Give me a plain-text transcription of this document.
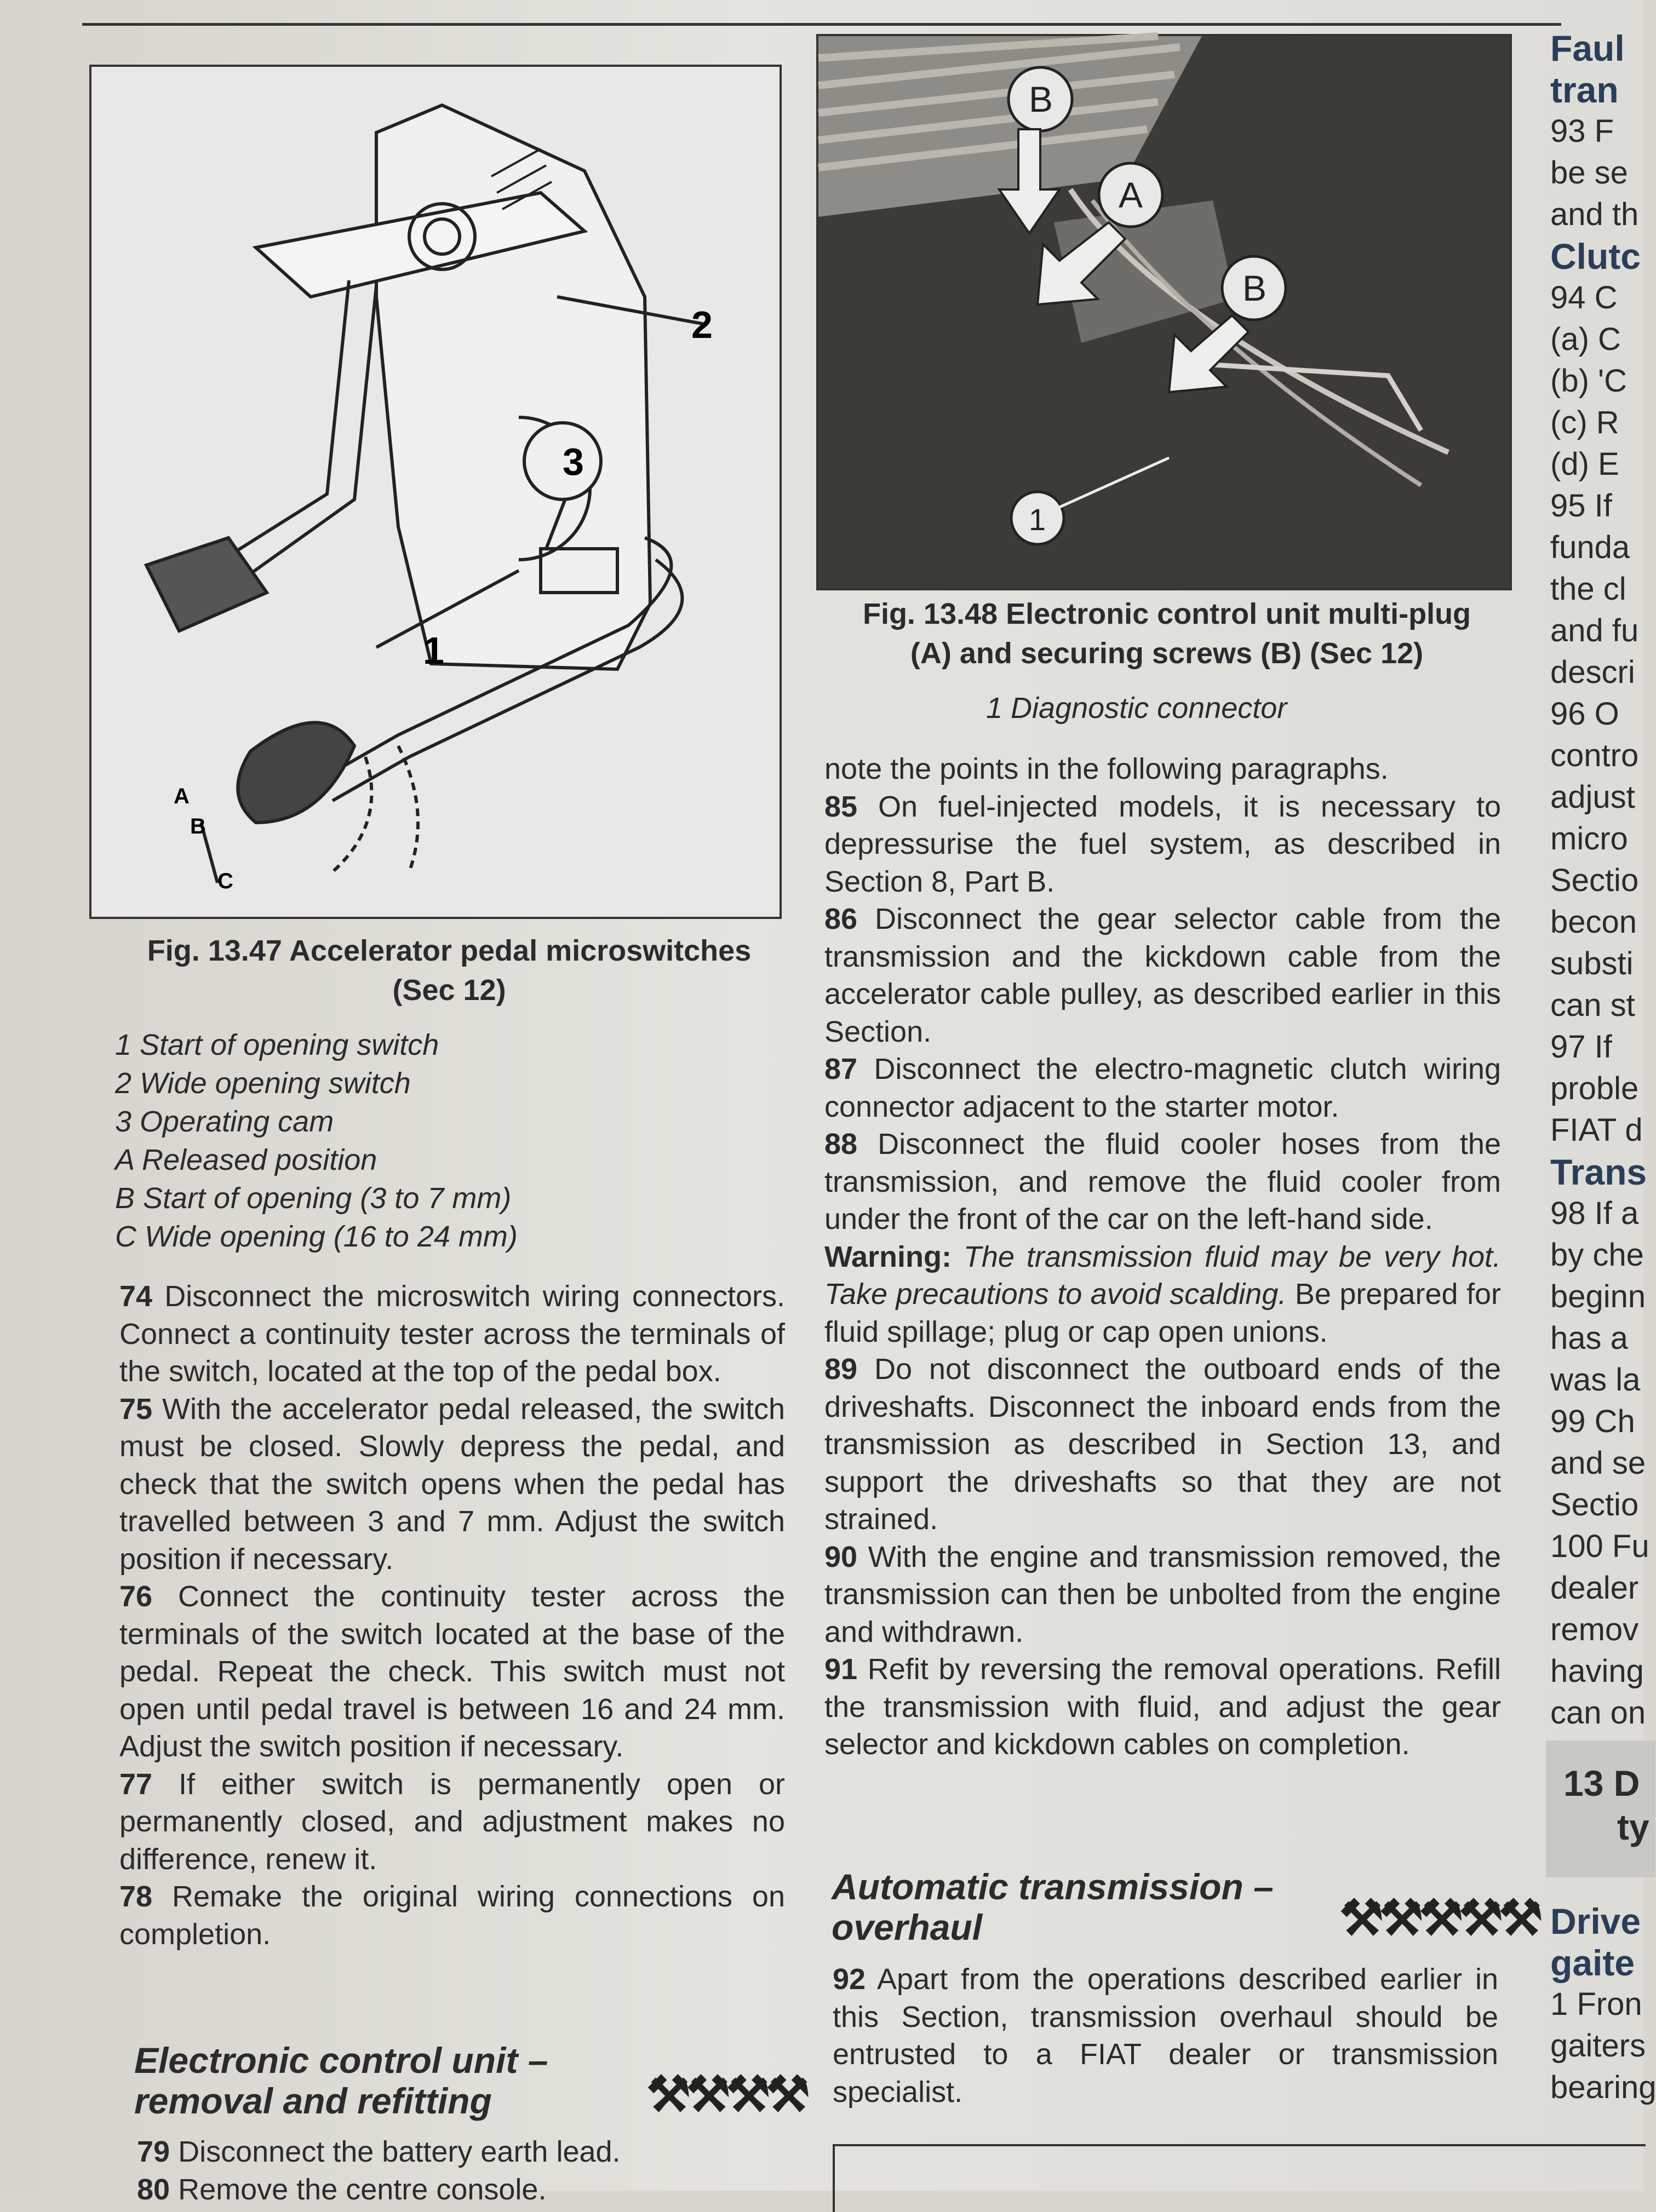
2
3
1
A
B
C
B
A
B
1
Fig. 13.47 Accelerator pedal microswitches
(Sec 12)
1 Start of opening switch
2 Wide opening switch
3 Operating cam
A Released position
B Start of opening (3 to 7 mm)
C Wide opening (16 to 24 mm)
Fig. 13.48 Electronic control unit multi-plug
(A) and securing screws (B) (Sec 12)
1 Diagnostic connector

74 Disconnect the microswitch wiring connectors. Connect a continuity tester across the terminals of the switch, located at the top of the pedal box.

75 With the accelerator pedal released, the switch must be closed. Slowly depress the pedal, and check that the switch opens when the pedal has travelled between 3 and 7 mm. Adjust the switch position if necessary.

76 Connect the continuity tester across the terminals of the switch located at the base of the pedal. Repeat the check. This switch must not open until pedal travel is between 16 and 24 mm. Adjust the switch position if necessary.

77 If either switch is permanently open or permanently closed, and adjustment makes no difference, renew it.

78 Remake the original wiring connections on completion.

Electronic control unit – removal and refitting	⚒⚒⚒⚒

79 Disconnect the battery earth lead.

80 Remove the centre console.

note the points in the following paragraphs.

85 On fuel-injected models, it is necessary to depressurise the fuel system, as described in Section 8, Part B.

86 Disconnect the gear selector cable from the transmission and the kickdown cable from the accelerator cable pulley, as described earlier in this Section.

87 Disconnect the electro-magnetic clutch wiring connector adjacent to the starter motor.

88 Disconnect the fluid cooler hoses from the transmission, and remove the fluid cooler from under the front of the car on the left-hand side.

Warning: The transmission fluid may be very hot. Take precautions to avoid scalding. Be prepared for fluid spillage; plug or cap open unions.

89 Do not disconnect the outboard ends of the driveshafts. Disconnect the inboard ends from the transmission as described in Section 13, and support the driveshafts so that they are not strained.

90 With the engine and transmission removed, the transmission can then be unbolted from the engine and withdrawn.

91 Refit by reversing the removal operations. Refill the transmission with fluid, and adjust the gear selector and kickdown cables on completion.

Automatic transmission – overhaul	⚒⚒⚒⚒⚒

92 Apart from the operations described earlier in this Section, transmission overhaul should be entrusted to a FIAT dealer or transmission specialist.

Faul
tran
93 F
be se
and th
Clutc
94 C
(a) C
(b) 'C
(c) R
(d) E
95 If
funda
the cl
and fu
descri
96 O
contro
adjust
micro
Sectio
becon
substi
can st
97 If
proble
FIAT d
Trans
98 If a
by che
beginn
has a
was la
99 Ch
and se
Sectio
100 Fu
dealer
remov
having
can on
13 D
ty
Drive
gaite
1 Fron
gaiters
bearing
